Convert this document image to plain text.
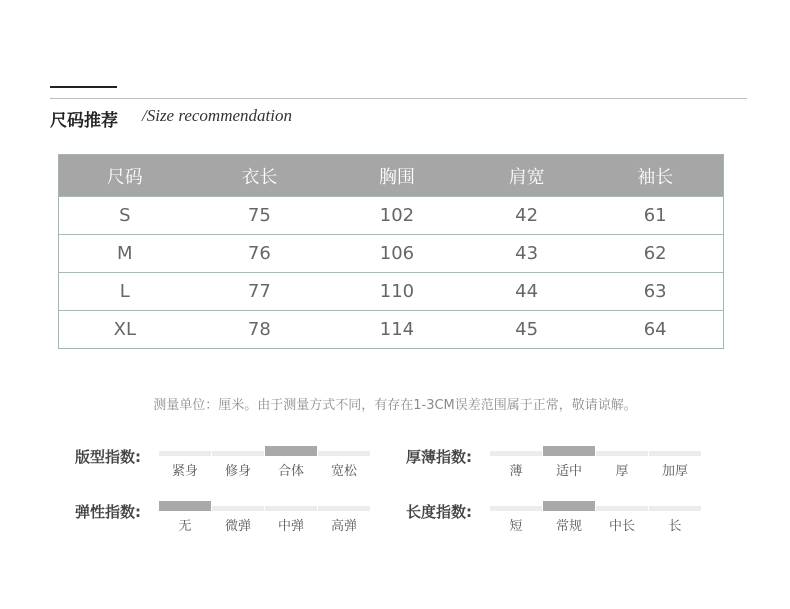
尺码推荐 /Size recommendation
尺码	衣长	胸围	肩宽	袖长
S	75	102	42	61
M	76	106	43	62
L	77	110	44	63
XL	78	114	45	64
测量单位：厘米。由于测量方式不同，有存在1-3CM误差范围属于正常，敬请谅解。
版型指数:
紧身 修身 合体 宽松
厚薄指数:
薄	适中	厚	加厚
弹性指数:
无	微弹 中弹 高弹
长度指数:
短	常规 中长	长
